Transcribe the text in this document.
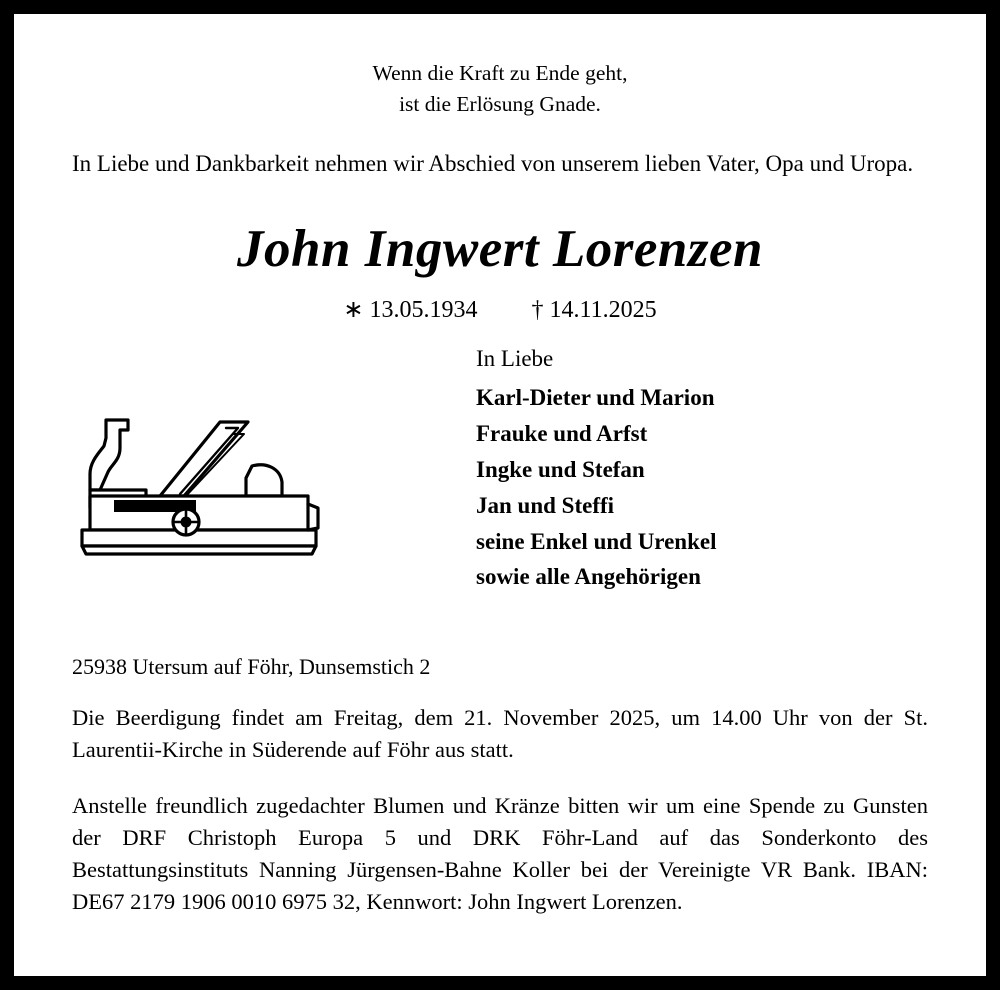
Wenn die Kraft zu Ende geht,
ist die Erlösung Gnade.
In Liebe und Dankbarkeit nehmen wir Abschied von unserem lieben Vater, Opa und Uropa.
John Ingwert Lorenzen
∗ 13.05.1934 † 14.11.2025
In Liebe
Karl-Dieter und Marion
Frauke und Arfst
Ingke und Stefan
Jan und Steffi
seine Enkel und Urenkel
sowie alle Angehörigen
25938 Utersum auf Föhr, Dunsemstich 2
Die Beerdigung findet am Freitag, dem 21. November 2025, um 14.00 Uhr von der St. Laurentii-Kirche in Süderende auf Föhr aus statt.
Anstelle freundlich zugedachter Blumen und Kränze bitten wir um eine Spende zu Gunsten der DRF Christoph Europa 5 und DRK Föhr-Land auf das Sonderkonto des Bestattungsinstituts Nanning Jürgensen-Bahne Koller bei der Vereinigte VR Bank. IBAN: DE67 2179 1906 0010 6975 32, Kennwort: John Ingwert Lorenzen.
